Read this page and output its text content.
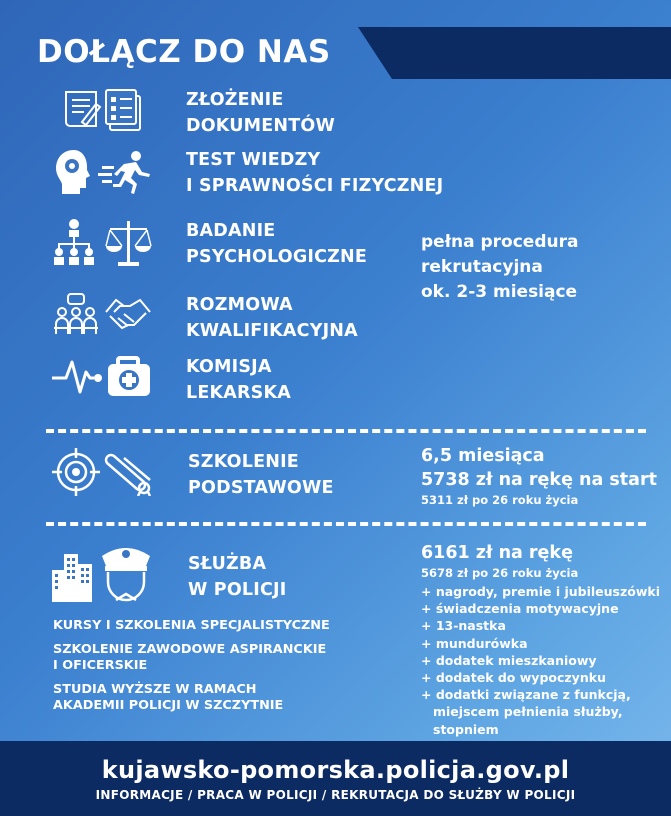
DOŁĄCZ DO NAS
ZŁOŻENIE
DOKUMENTÓW
TEST WIEDZY
I SPRAWNOŚCI FIZYCZNEJ
BADANIE
PSYCHOLOGICZNE
ROZMOWA
KWALIFIKACYJNA
KOMISJA
LEKARSKA
pełna procedura
rekrutacyjna
ok. 2-3 miesiące
SZKOLENIE
PODSTAWOWE
6,5 miesiąca
5738 zł na rękę na start
5311 zł po 26 roku życia
SŁUŻBA
W POLICJI
6161 zł na rękę
5678 zł po 26 roku życia
+ nagrody, premie i jubileuszówki
+ świadczenia motywacyjne
+ 13-nastka
+ mundurówka
+ dodatek mieszkaniowy
+ dodatek do wypoczynku
+ dodatki związane z funkcją,
miejscem pełnienia służby,
stopniem
KURSY I SZKOLENIA SPECJALISTYCZNE
SZKOLENIE ZAWODOWE ASPIRANCKIE
I OFICERSKIE
STUDIA WYŻSZE W RAMACH
AKADEMII POLICJI W SZCZYTNIE
kujawsko-pomorska.policja.gov.pl
INFORMACJE / PRACA W POLICJI / REKRUTACJA DO SŁUŻBY W POLICJI
